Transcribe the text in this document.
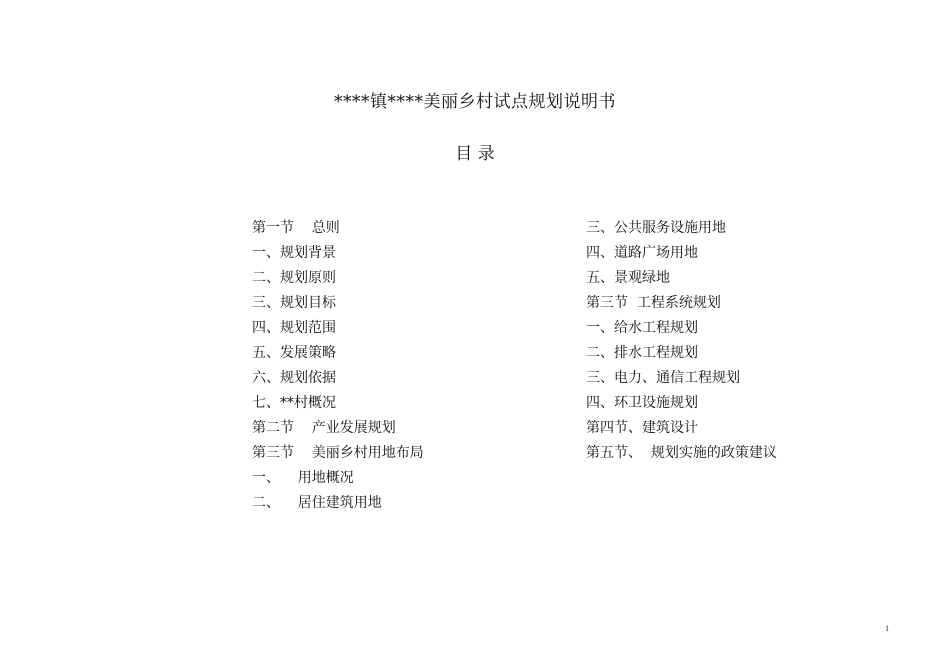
****镇****美丽乡村试点规划说明书
目 录
第一节    总则
一、规划背景
二、规划原则
三、规划目标
四、规划范围
五、发展策略
六、规划依据
七、**村概况
第二节    产业发展规划
第三节    美丽乡村用地布局
一、    用地概况
二、    居住建筑用地
三、公共服务设施用地
四、道路广场用地
五、景观绿地
第三节  工程系统规划
一、给水工程规划
二、排水工程规划
三、电力、通信工程规划
四、环卫设施规划
第四节、建筑设计
第五节、  规划实施的政策建议
1
